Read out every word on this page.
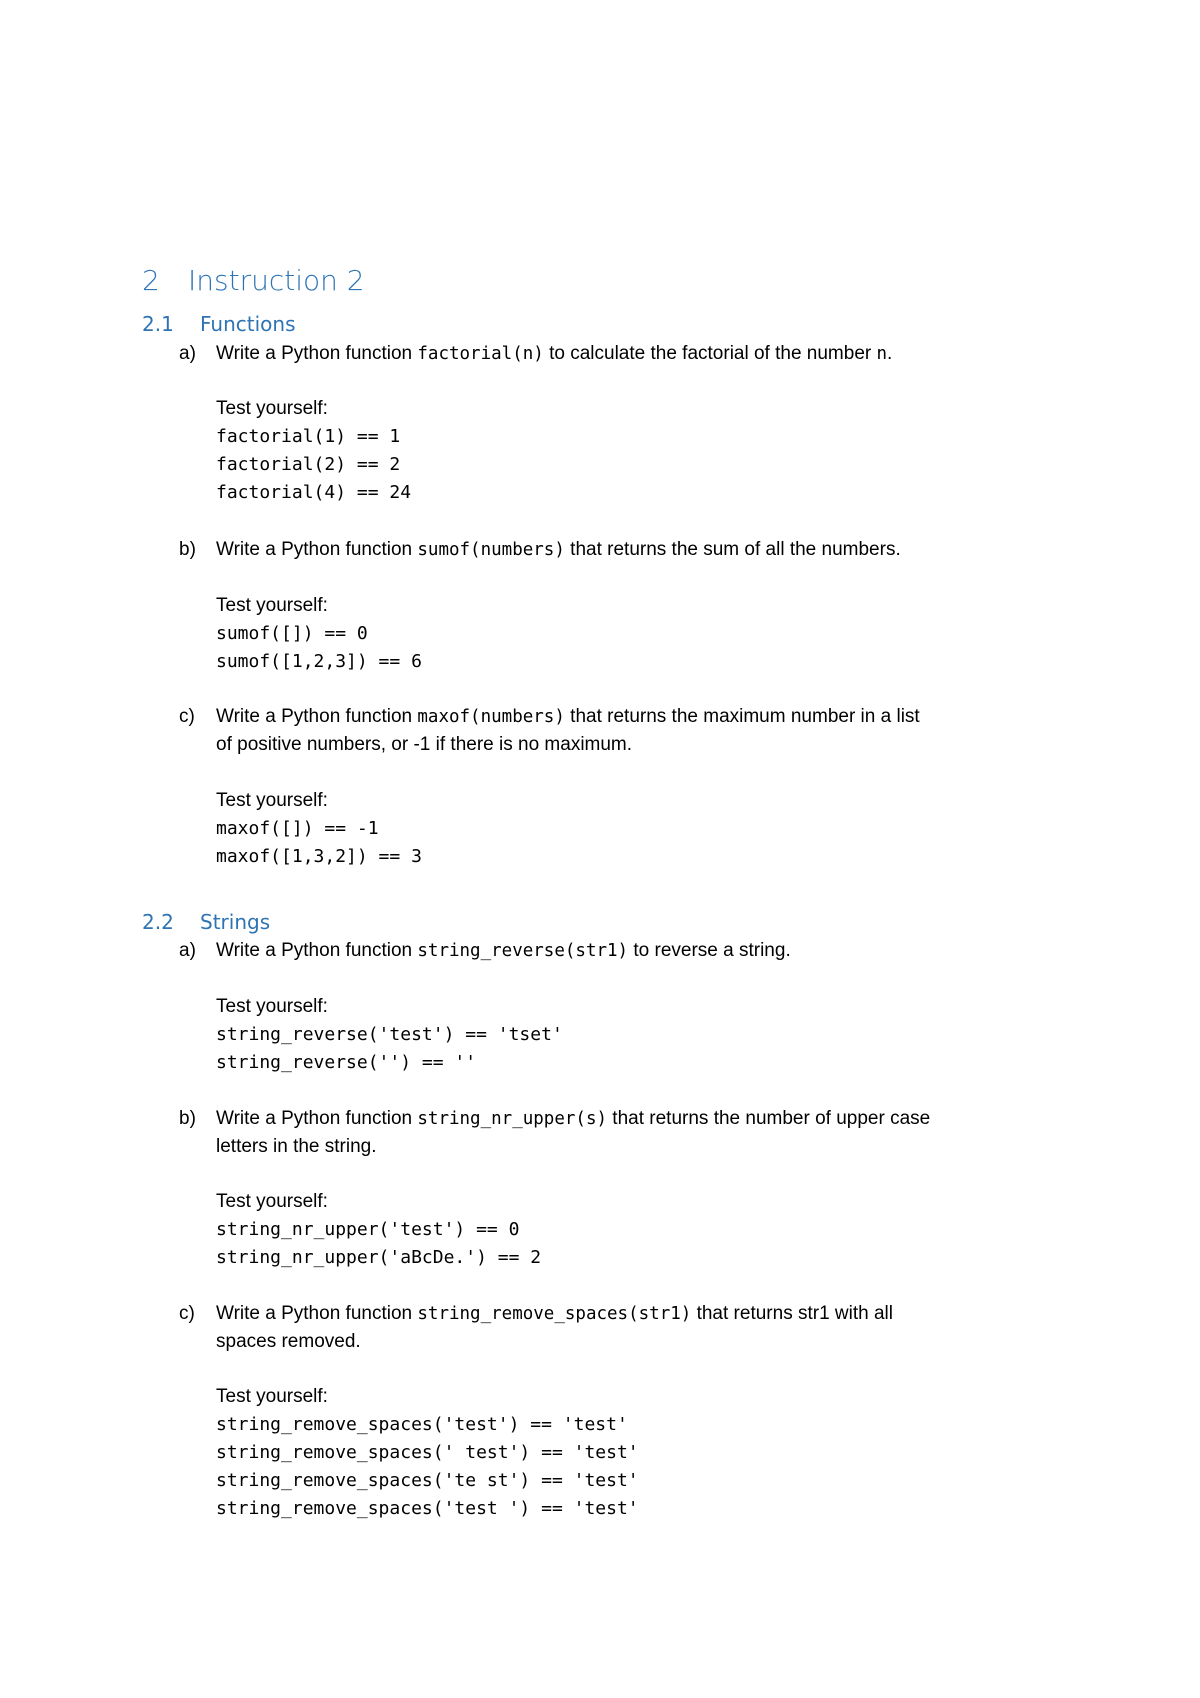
2 Instruction 2
2.1 Functions
a) Write a Python function factorial(n) to calculate the factorial of the number n.
Test yourself:
factorial(1) == 1
factorial(2) == 2
factorial(4) == 24
b) Write a Python function sumof(numbers) that returns the sum of all the numbers.
Test yourself:
sumof([]) == 0
sumof([1,2,3]) == 6
c) Write a Python function maxof(numbers) that returns the maximum number in a list
of positive numbers, or -1 if there is no maximum.
Test yourself:
maxof([]) == -1
maxof([1,3,2]) == 3
2.2 Strings
a) Write a Python function string_reverse(str1) to reverse a string.
Test yourself:
string_reverse('test') == 'tset'
string_reverse('') == ''
b) Write a Python function string_nr_upper(s) that returns the number of upper case
letters in the string.
Test yourself:
string_nr_upper('test') == 0
string_nr_upper('aBcDe.') == 2
c) Write a Python function string_remove_spaces(str1) that returns str1 with all
spaces removed.
Test yourself:
string_remove_spaces('test') == 'test'
string_remove_spaces(' test') == 'test'
string_remove_spaces('te st') == 'test'
string_remove_spaces('test ') == 'test'
